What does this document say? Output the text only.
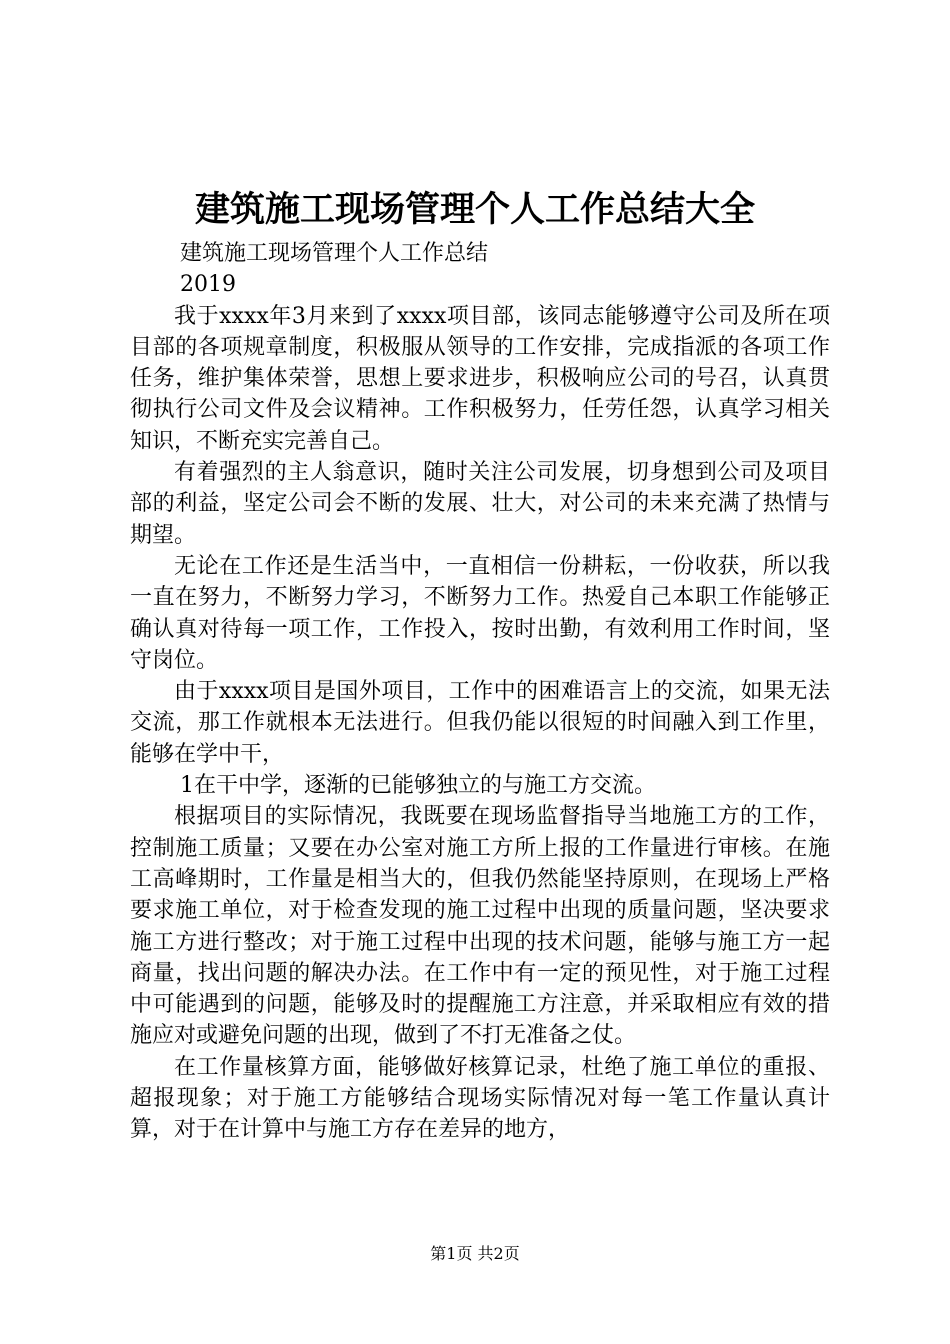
建筑施工现场管理个人工作总结大全

建筑施工现场管理个人工作总结

2019

我于xxxx年3月来到了xxxx项目部，该同志能够遵守公司及所在项目部的各项规章制度，积极服从领导的工作安排，完成指派的各项工作任务，维护集体荣誉，思想上要求进步，积极响应公司的号召，认真贯彻执行公司文件及会议精神。工作积极努力，任劳任怨，认真学习相关知识，不断充实完善自己。

有着强烈的主人翁意识，随时关注公司发展，切身想到公司及项目部的利益，坚定公司会不断的发展、壮大，对公司的未来充满了热情与期望。

无论在工作还是生活当中，一直相信一份耕耘，一份收获，所以我一直在努力，不断努力学习，不断努力工作。热爱自己本职工作能够正确认真对待每一项工作，工作投入，按时出勤，有效利用工作时间，坚守岗位。

由于xxxx项目是国外项目，工作中的困难语言上的交流，如果无法交流，那工作就根本无法进行。但我仍能以很短的时间融入到工作里，能够在学中干，

1在干中学，逐渐的已能够独立的与施工方交流。

根据项目的实际情况，我既要在现场监督指导当地施工方的工作，控制施工质量；又要在办公室对施工方所上报的工作量进行审核。在施工高峰期时，工作量是相当大的，但我仍然能坚持原则，在现场上严格要求施工单位，对于检查发现的施工过程中出现的质量问题，坚决要求施工方进行整改；对于施工过程中出现的技术问题，能够与施工方一起商量，找出问题的解决办法。在工作中有一定的预见性，对于施工过程中可能遇到的问题，能够及时的提醒施工方注意，并采取相应有效的措施应对或避免问题的出现，做到了不打无准备之仗。

在工作量核算方面，能够做好核算记录，杜绝了施工单位的重报、超报现象；对于施工方能够结合现场实际情况对每一笔工作量认真计算，对于在计算中与施工方存在差异的地方，

第1页 共2页
